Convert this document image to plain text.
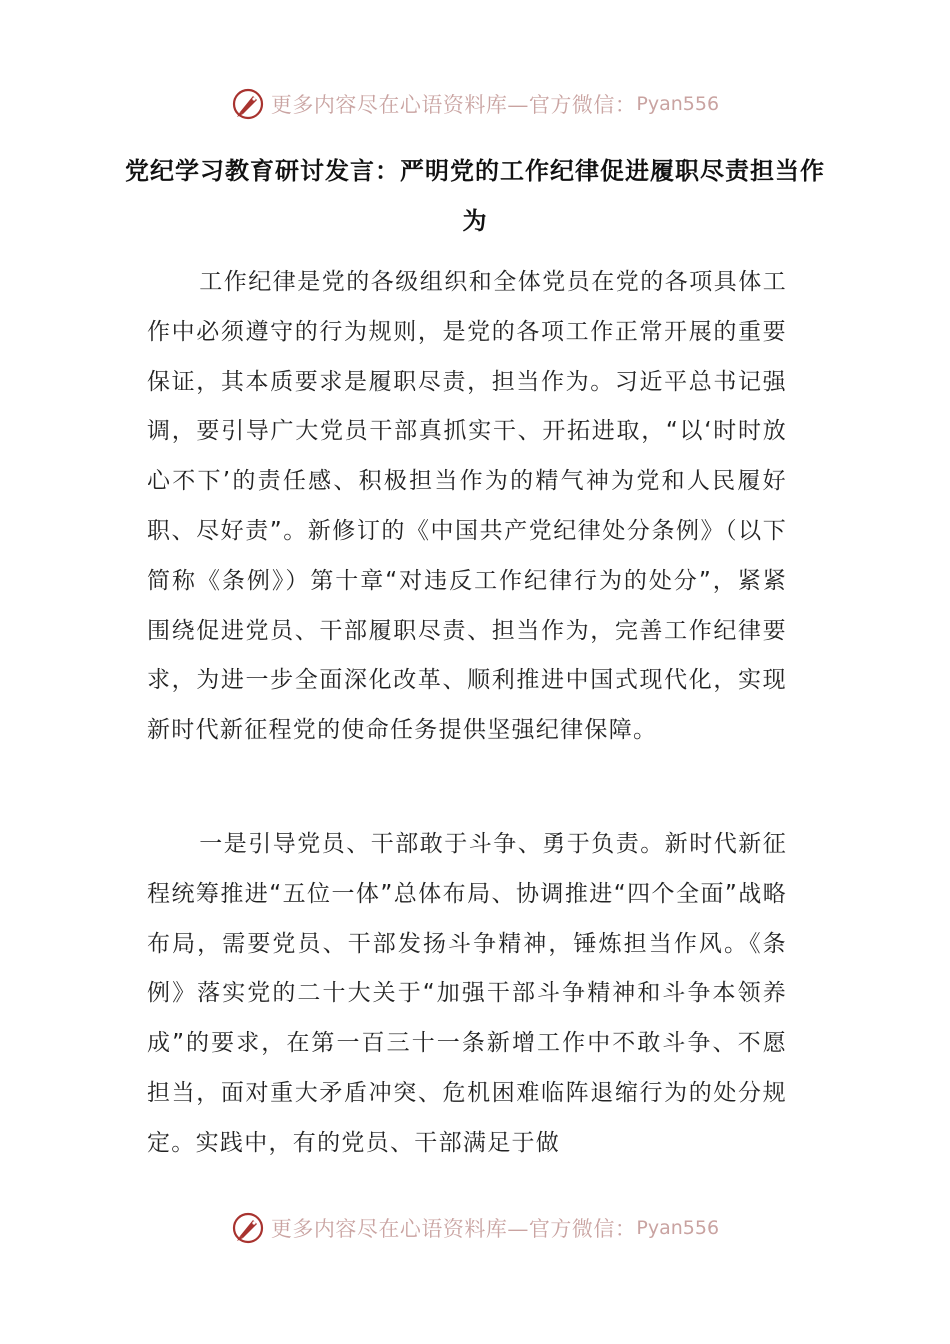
更多内容尽在心语资料库—官方微信： Pyan556
党纪学习教育研讨发言：严明党的工作纪律促进履职尽责担当作为

工作纪律是党的各级组织和全体党员在党的各项具体工作中必须遵守的行为规则，是党的各项工作正常开展的重要保证，其本质要求是履职尽责，担当作为。习近平总书记强调，要引导广大党员干部真抓实干、开拓进取，“以‘时时放心不下’的责任感、积极担当作为的精气神为党和人民履好职、尽好责”。新修订的《中国共产党纪律处分条例》（以下简称《条例》）第十章“对违反工作纪律行为的处分”，紧紧围绕促进党员、干部履职尽责、担当作为，完善工作纪律要求，为进一步全面深化改革、顺利推进中国式现代化，实现新时代新征程党的使命任务提供坚强纪律保障。

一是引导党员、干部敢于斗争、勇于负责。新时代新征程统筹推进“五位一体”总体布局、协调推进“四个全面”战略布局，需要党员、干部发扬斗争精神，锤炼担当作风。《条例》落实党的二十大关于“加强干部斗争精神和斗争本领养成”的要求，在第一百三十一条新增工作中不敢斗争、不愿担当，面对重大矛盾冲突、危机困难临阵退缩行为的处分规定。实践中，有的党员、干部满足于做

更多内容尽在心语资料库—官方微信： Pyan556
